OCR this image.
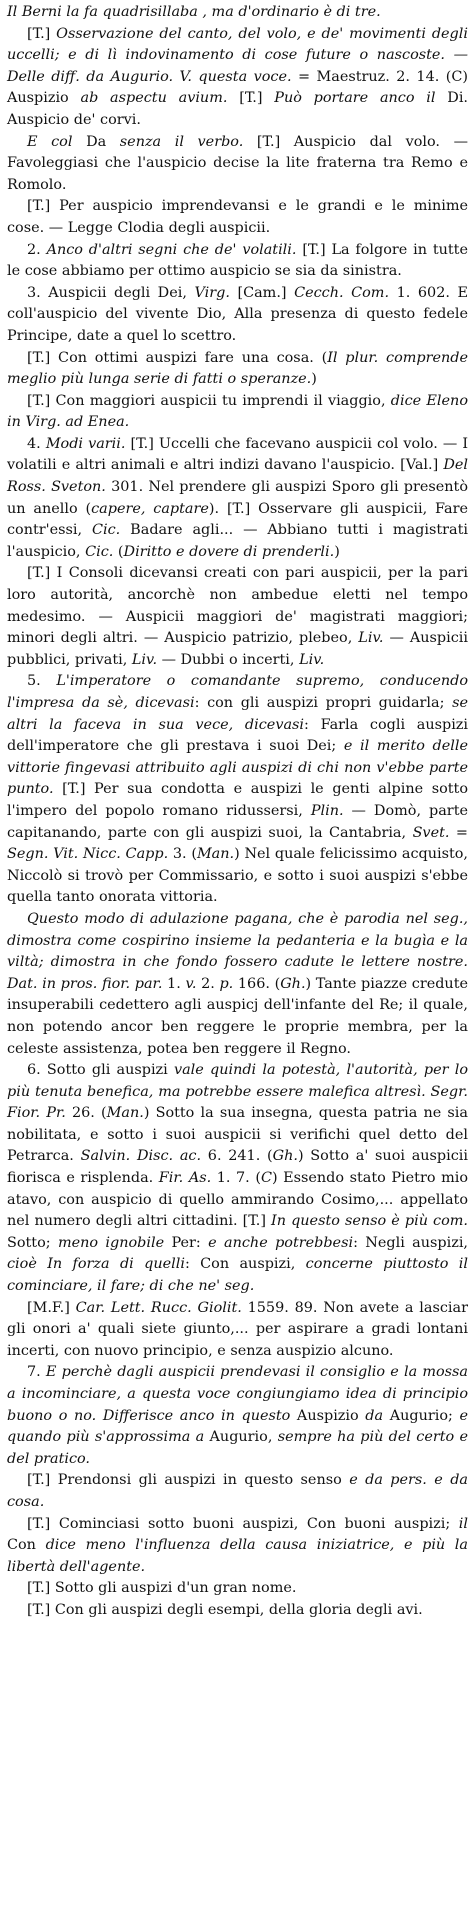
Il Berni la fa quadrisillaba , ma d'ordinario è di tre.

[T.] Osservazione del canto, del volo, e de' movimenti degli uccelli; e di lì indovinamento di cose future o nascoste. — Delle diff. da Augurio. V. questa voce. = Maestruz. 2. 14. (C) Auspizio ab aspectu avium. [T.] Può portare anco il Di. Auspicio de' corvi.

E col Da senza il verbo. [T.] Auspicio dal volo. — Favoleggiasi che l'auspicio decise la lite fraterna tra Remo e Romolo.

[T.] Per auspicio imprendevansi e le grandi e le minime cose. — Legge Clodia degli auspicii.

2. Anco d'altri segni che de' volatili. [T.] La folgore in tutte le cose abbiamo per ottimo auspicio se sia da sinistra.

3. Auspicii degli Dei, Virg. [Cam.] Cecch. Com. 1. 602. E coll'auspicio del vivente Dio, Alla presenza di questo fedele Principe, date a quel lo scettro.

[T.] Con ottimi auspizi fare una cosa. (Il plur. comprende meglio più lunga serie di fatti o speranze.)

[T.] Con maggiori auspicii tu imprendi il viaggio, dice Eleno in Virg. ad Enea.

4. Modi varii. [T.] Uccelli che facevano auspicii col volo. — I volatili e altri animali e altri indizi davano l'auspicio. [Val.] Del Ross. Sveton. 301. Nel prendere gli auspizi Sporo gli presentò un anello (capere, captare). [T.] Osservare gli auspicii, Fare contr'essi, Cic. Badare agli... — Abbiano tutti i magistrati l'auspicio, Cic. (Diritto e dovere di prenderli.)

[T.] I Consoli dicevansi creati con pari auspicii, per la pari loro autorità, ancorchè non ambedue eletti nel tempo medesimo. — Auspicii maggiori de' magistrati maggiori; minori degli altri. — Auspicio patrizio, plebeo, Liv. — Auspicii pubblici, privati, Liv. — Dubbi o incerti, Liv.

5. L'imperatore o comandante supremo, conducendo l'impresa da sè, dicevasi: con gli auspizi propri guidarla; se altri la faceva in sua vece, dicevasi: Farla cogli auspizi dell'imperatore che gli prestava i suoi Dei; e il merito delle vittorie fingevasi attribuito agli auspizi di chi non v'ebbe parte punto. [T.] Per sua condotta e auspizi le genti alpine sotto l'impero del popolo romano ridussersi, Plin. — Domò, parte capitanando, parte con gli auspizi suoi, la Cantabria, Svet. = Segn. Vit. Nicc. Capp. 3. (Man.) Nel quale felicissimo acquisto, Niccolò si trovò per Commissario, e sotto i suoi auspizi s'ebbe quella tanto onorata vittoria.

Questo modo di adulazione pagana, che è parodia nel seg., dimostra come cospirino insieme la pedanteria e la bugìa e la viltà; dimostra in che fondo fossero cadute le lettere nostre. Dat. in pros. fior. par. 1. v. 2. p. 166. (Gh.) Tante piazze credute insuperabili cedettero agli auspicj dell'infante del Re; il quale, non potendo ancor ben reggere le proprie membra, per la celeste assistenza, potea ben reggere il Regno.

6. Sotto gli auspizi vale quindi la potestà, l'autorità, per lo più tenuta benefica, ma potrebbe essere malefica altresì. Segr. Fior. Pr. 26. (Man.) Sotto la sua insegna, questa patria ne sia nobilitata, e sotto i suoi auspicii si verifichi quel detto del Petrarca. Salvin. Disc. ac. 6. 241. (Gh.) Sotto a' suoi auspicii fiorisca e risplenda. Fir. As. 1. 7. (C) Essendo stato Pietro mio atavo, con auspicio di quello ammirando Cosimo,... appellato nel numero degli altri cittadini. [T.] In questo senso è più com. Sotto; meno ignobile Per: e anche potrebbesi: Negli auspizi, cioè In forza di quelli: Con auspizi, concerne piuttosto il cominciare, il fare; di che ne' seg.

[M.F.] Car. Lett. Rucc. Giolit. 1559. 89. Non avete a lasciar gli onori a' quali siete giunto,... per aspirare a gradi lontani incerti, con nuovo principio, e senza auspizio alcuno.

7. E perchè dagli auspicii prendevasi il consiglio e la mossa a incominciare, a questa voce congiungiamo idea di principio buono o no. Differisce anco in questo Auspizio da Augurio; e quando più s'approssima a Augurio, sempre ha più del certo e del pratico.

[T.] Prendonsi gli auspizi in questo senso e da pers. e da cosa.

[T.] Cominciasi sotto buoni auspizi, Con buoni auspizi; il Con dice meno l'influenza della causa iniziatrice, e più la libertà dell'agente.

[T.] Sotto gli auspizi d'un gran nome.

[T.] Con gli auspizi degli esempi, della gloria degli avi.
